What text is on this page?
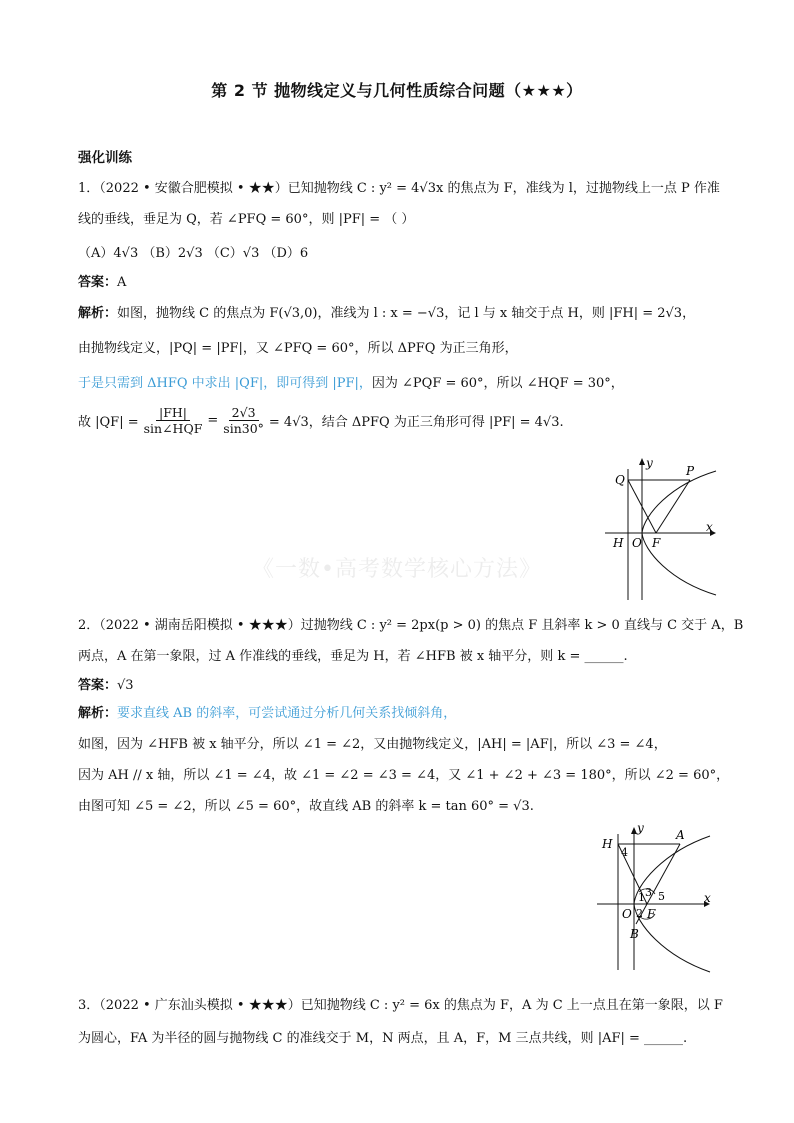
第 2 节 抛物线定义与几何性质综合问题（★★★）
强化训练
1．（2022 • 安徽合肥模拟 • ★★）已知抛物线 C : y² = 4√3x 的焦点为 F，准线为 l，过抛物线上一点 P 作准
线的垂线，垂足为 Q，若 ∠PFQ = 60°，则 |PF| = （ ）
（A）4√3 （B）2√3 （C）√3 （D）6
答案：A
解析：如图，抛物线 C 的焦点为 F(√3,0)，准线为 l : x = −√3，记 l 与 x 轴交于点 H，则 |FH| = 2√3，
由抛物线定义，|PQ| = |PF|，又 ∠PFQ = 60°，所以 ΔPFQ 为正三角形，
于是只需到 ΔHFQ 中求出 |QF|，即可得到 |PF|，因为 ∠PQF = 60°，所以 ∠HQF = 30°，
故 $|QF| = \frac{|FH|}{\text{sin∠HQF}} = \frac{2√3}{\sin 30^\circ} = 4√3$，结合 ΔPFQ 为正三角形可得 |PF| = 4√3.
Q
P
y
x
H O F
《一数•高考数学核心方法》
2．（2022 • 湖南岳阳模拟 • ★★★）过抛物线 C : y² = 2px(p > 0) 的焦点 F 且斜率 k > 0 直线与 C 交于 A，B
两点，A 在第一象限，过 A 作准线的垂线，垂足为 H，若 ∠HFB 被 x 轴平分，则 k = ______.
答案：√3
解析：要求直线 AB 的斜率，可尝试通过分析几何关系找倾斜角，
如图，因为 ∠HFB 被 x 轴平分，所以 ∠1 = ∠2，又由抛物线定义，|AH| = |AF|，所以 ∠3 = ∠4，
因为 AH // x 轴，所以 ∠1 = ∠4，故 ∠1 = ∠2 = ∠3 = ∠4，又 ∠1 + ∠2 + ∠3 = 180°，所以 ∠2 = 60°，
由图可知 ∠5 = ∠2，所以 ∠5 = 60°，故直线 AB 的斜率 k = tan 60° = √3.
y	A
H
4
1 3 5
O 2 F
x
B
3．（2022 • 广东汕头模拟 • ★★★）已知抛物线 C : y² = 6x 的焦点为 F，A 为 C 上一点且在第一象限，以 F
为圆心，FA 为半径的圆与抛物线 C 的准线交于 M，N 两点，且 A，F，M 三点共线，则 |AF| = ______.
